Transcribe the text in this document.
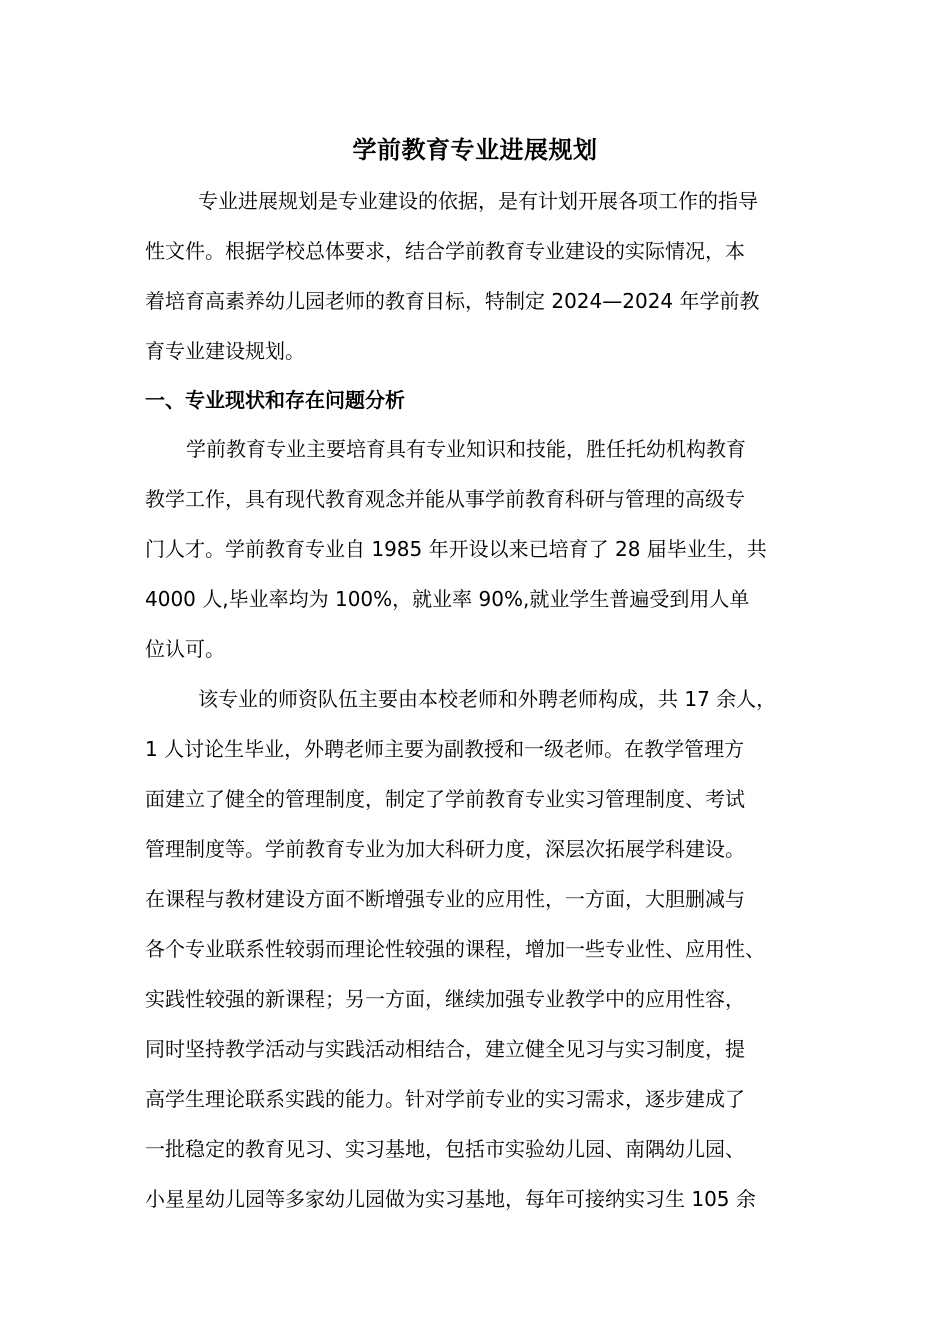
学前教育专业进展规划

专业进展规划是专业建设的依据，是有计划开展各项工作的指导

性文件。根据学校总体要求，结合学前教育专业建设的实际情况，本

着培育高素养幼儿园老师的教育目标，特制定 2024—2024 年学前教

育专业建设规划。

一、专业现状和存在问题分析

学前教育专业主要培育具有专业知识和技能，胜任托幼机构教育

教学工作，具有现代教育观念并能从事学前教育科研与管理的高级专

门人才。学前教育专业自 1985 年开设以来已培育了 28 届毕业生，共

4000 人,毕业率均为 100%，就业率 90%,就业学生普遍受到用人单

位认可。

该专业的师资队伍主要由本校老师和外聘老师构成，共 17 余人，

1 人讨论生毕业，外聘老师主要为副教授和一级老师。在教学管理方

面建立了健全的管理制度，制定了学前教育专业实习管理制度、考试

管理制度等。学前教育专业为加大科研力度，深层次拓展学科建设。

在课程与教材建设方面不断增强专业的应用性，一方面，大胆删减与

各个专业联系性较弱而理论性较强的课程，增加一些专业性、应用性、

实践性较强的新课程；另一方面，继续加强专业教学中的应用性容，

同时坚持教学活动与实践活动相结合，建立健全见习与实习制度，提

高学生理论联系实践的能力。针对学前专业的实习需求，逐步建成了

一批稳定的教育见习、实习基地，包括市实验幼儿园、南隅幼儿园、

小星星幼儿园等多家幼儿园做为实习基地，每年可接纳实习生 105 余
